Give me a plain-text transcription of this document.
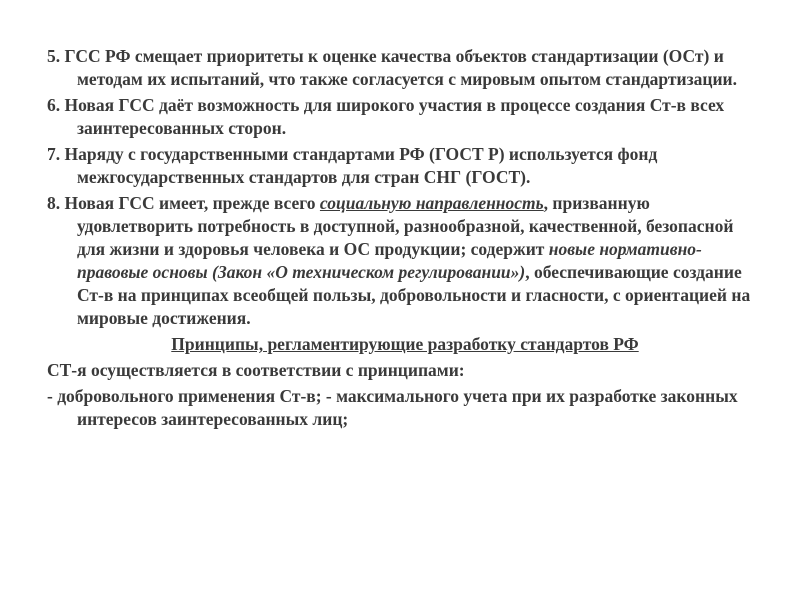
5. ГСС РФ смещает приоритеты к оценке качества объектов стандартизации (ОСт) и методам их испытаний, что также согласуется с мировым опытом стандартизации.

6. Новая ГСС даёт возможность для широкого участия в процессе создания Ст-в всех заинтересованных сторон.

7. Наряду с государственными стандартами РФ (ГОСТ Р) используется фонд межгосударственных стандартов для стран СНГ (ГОСТ).

8. Новая ГСС имеет, прежде всего социальную направленность, призванную удовлетворить потребность в доступной, разнообразной, качественной, безопасной для жизни и здоровья человека и ОС продукции; содержит новые нормативно-правовые основы (Закон «О техническом регулировании»), обеспечивающие создание Ст-в на принципах всеобщей пользы, добровольности и гласности, с ориентацией на мировые достижения.

Принципы, регламентирующие разработку стандартов РФ

СТ-я осуществляется в соответствии с принципами:

- добровольного применения Ст-в; - максимального учета при их разработке законных интересов заинтересованных лиц;
